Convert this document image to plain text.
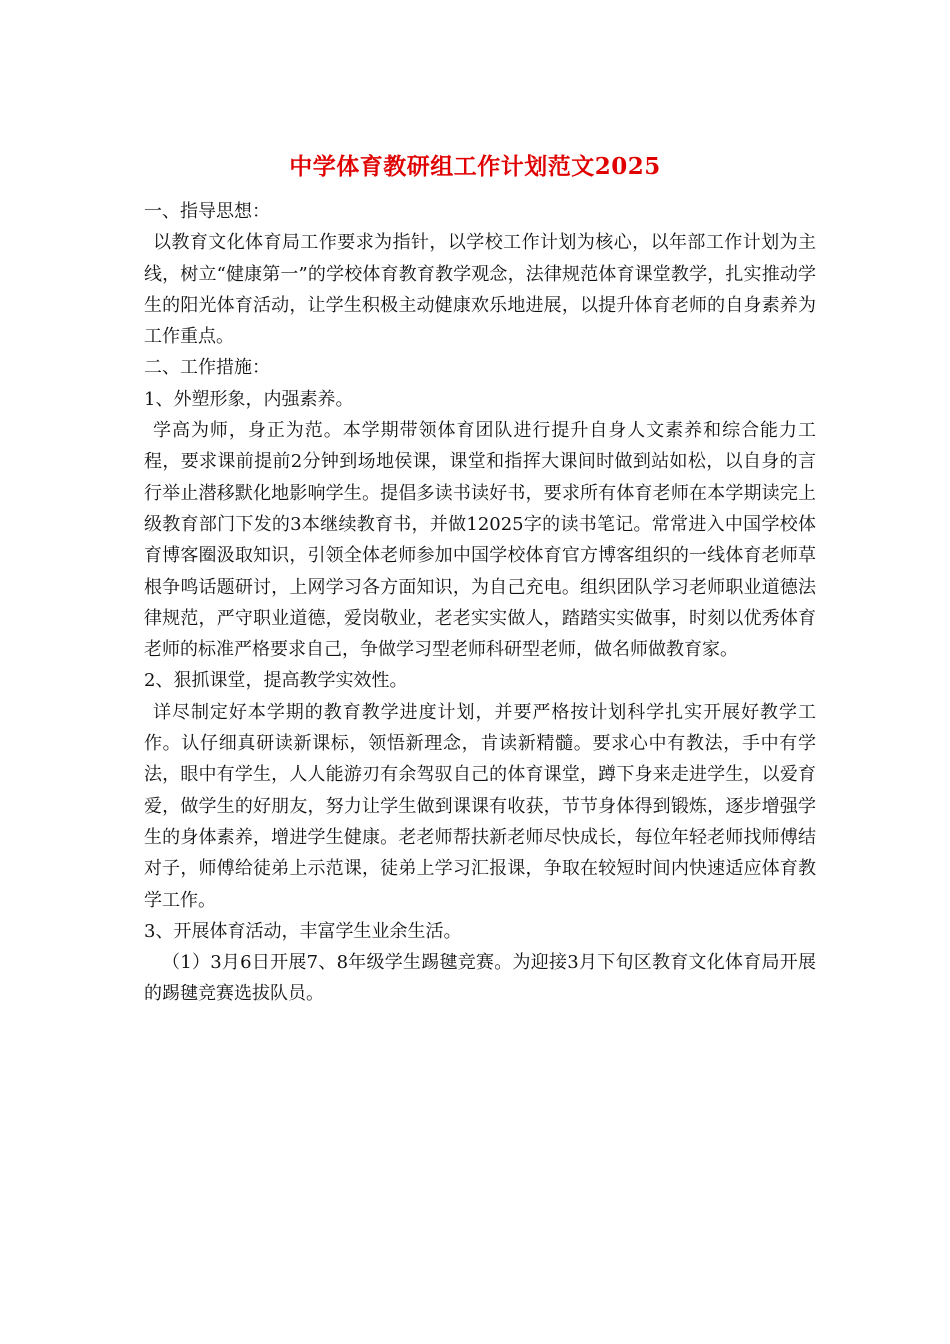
中学体育教研组工作计划范文2025

一、指导思想：

以教育文化体育局工作要求为指针，以学校工作计划为核心，以年部工作计划为主线，树立“健康第一”的学校体育教育教学观念，法律规范体育课堂教学，扎实推动学生的阳光体育活动，让学生积极主动健康欢乐地进展，以提升体育老师的自身素养为工作重点。

二、工作措施：

1、外塑形象，内强素养。

学高为师，身正为范。本学期带领体育团队进行提升自身人文素养和综合能力工程，要求课前提前2分钟到场地侯课，课堂和指挥大课间时做到站如松，以自身的言行举止潜移默化地影响学生。提倡多读书读好书，要求所有体育老师在本学期读完上级教育部门下发的3本继续教育书，并做12025字的读书笔记。常常进入中国学校体育博客圈汲取知识，引领全体老师参加中国学校体育官方博客组织的一线体育老师草根争鸣话题研讨，上网学习各方面知识，为自己充电。组织团队学习老师职业道德法律规范，严守职业道德，爱岗敬业，老老实实做人，踏踏实实做事，时刻以优秀体育老师的标准严格要求自己，争做学习型老师科研型老师，做名师做教育家。

2、狠抓课堂，提高教学实效性。

详尽制定好本学期的教育教学进度计划，并要严格按计划科学扎实开展好教学工作。认仔细真研读新课标，领悟新理念，肯读新精髓。要求心中有教法，手中有学法，眼中有学生，人人能游刃有余驾驭自己的体育课堂，蹲下身来走进学生，以爱育爱，做学生的好朋友，努力让学生做到课课有收获，节节身体得到锻炼，逐步增强学生的身体素养，增进学生健康。老老师帮扶新老师尽快成长，每位年轻老师找师傅结对子，师傅给徒弟上示范课，徒弟上学习汇报课，争取在较短时间内快速适应体育教学工作。

3、开展体育活动，丰富学生业余生活。

（1）3月6日开展7、8年级学生踢毽竞赛。为迎接3月下旬区教育文化体育局开展的踢毽竞赛选拔队员。
